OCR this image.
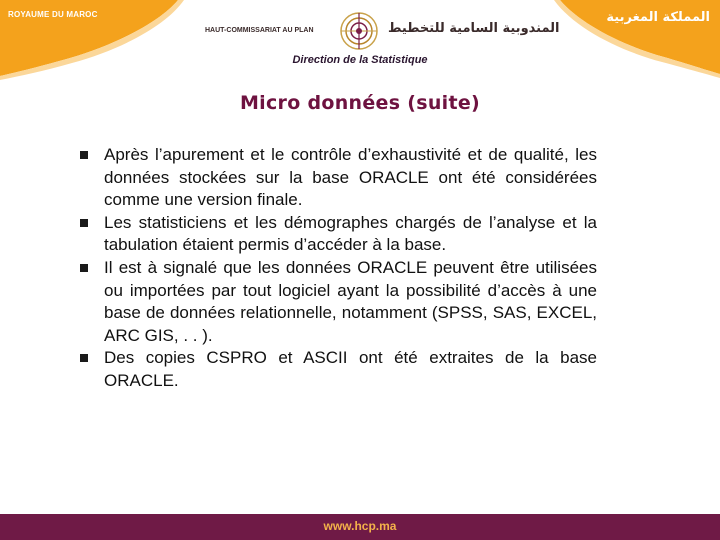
ROYAUME DU MAROC	المملكة المغربية
HAUT-COMMISSARIAT AU PLAN	المندوبية السامية للتخطيط
Direction de la Statistique
Micro données (suite)
Après l’apurement et le contrôle d’exhaustivité et de qualité, les données stockées sur la base ORACLE ont été considérées comme une version finale.
Les statisticiens et les démographes chargés de l’analyse et la tabulation étaient permis d’accéder à la base.
Il est à signalé que les données ORACLE peuvent être utilisées ou importées par tout logiciel ayant la possibilité d’accès à une base de données relationnelle, notamment (SPSS, SAS, EXCEL, ARC GIS, . . ).
Des copies CSPRO et ASCII ont été extraites de la base ORACLE.
www.hcp.ma
